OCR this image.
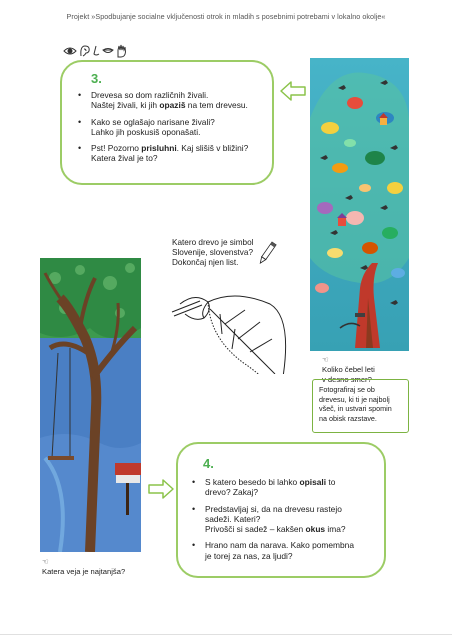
Projekt »Spodbujanje socialne vključenosti otrok in mladih s posebnimi potrebami v lokalno okolje«
3.
• Drevesa so dom različnih živali.
Naštej živali, ki jih opaziš na tem drevesu.
• Kako se oglašajo narisane živali?
Lahko jih poskusiš oponašati.
• Pst! Pozorno prisluhni. Kaj slišiš v bližini?
Katera žival je to?
Katero drevo je simbol
Slovenije, slovenstva?
Dokončaj njen list.
☜
Koliko čebel leti
v desno smer?
Fotografiraj se ob
drevesu, ki ti je najbolj
všeč, in ustvari spomin
na obisk razstave.
4.
• S katero besedo bi lahko opisali to
drevo? Zakaj?
• Predstavljaj si, da na drevesu rastejo
sadeži. Kateri?
Privošči si sadež – kakšen okus ima?
• Hrano nam da narava. Kako pomembna
je torej za nas, za ljudi?
☜
Katera veja je najtanjša?
